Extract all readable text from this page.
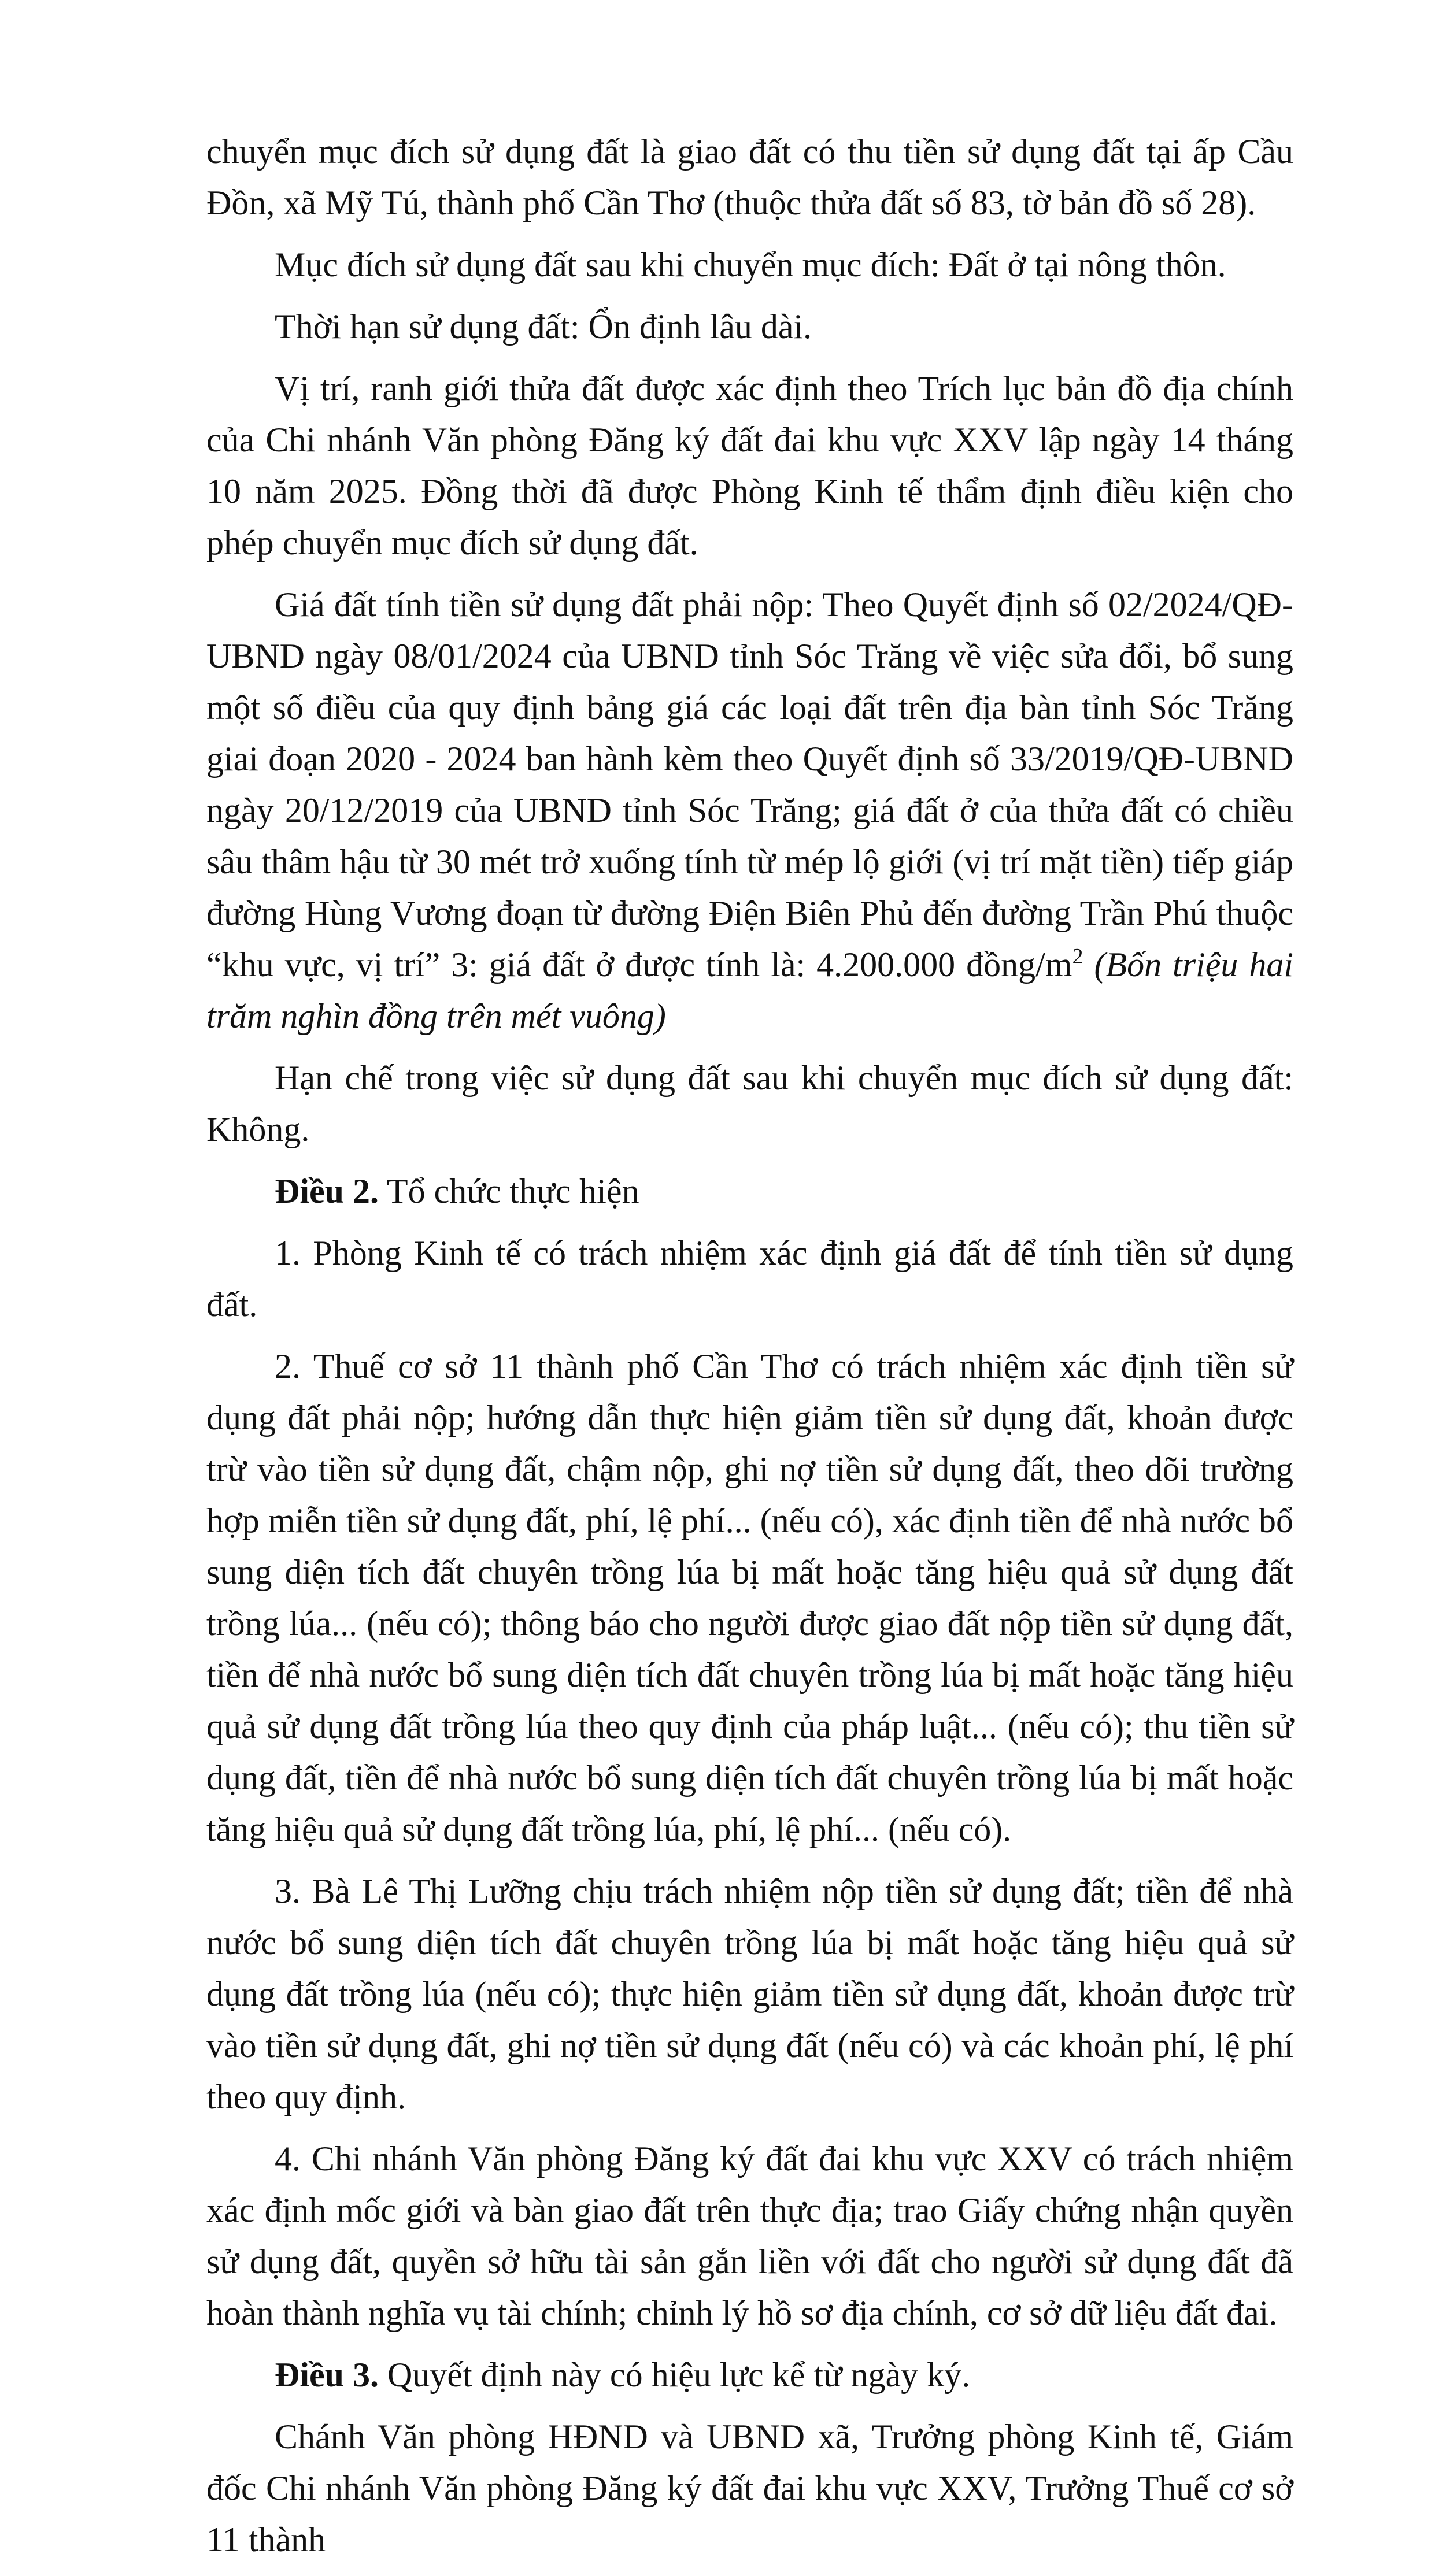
chuyển mục đích sử dụng đất là giao đất có thu tiền sử dụng đất tại ấp Cầu Đồn, xã Mỹ Tú, thành phố Cần Thơ (thuộc thửa đất số 83, tờ bản đồ số 28).

Mục đích sử dụng đất sau khi chuyển mục đích: Đất ở tại nông thôn.

Thời hạn sử dụng đất: Ổn định lâu dài.

Vị trí, ranh giới thửa đất được xác định theo Trích lục bản đồ địa chính của Chi nhánh Văn phòng Đăng ký đất đai khu vực XXV lập ngày 14 tháng 10 năm 2025. Đồng thời đã được Phòng Kinh tế thẩm định điều kiện cho phép chuyển mục đích sử dụng đất.

Giá đất tính tiền sử dụng đất phải nộp: Theo Quyết định số 02/2024/QĐ-UBND ngày 08/01/2024 của UBND tỉnh Sóc Trăng về việc sửa đổi, bổ sung một số điều của quy định bảng giá các loại đất trên địa bàn tỉnh Sóc Trăng giai đoạn 2020 - 2024 ban hành kèm theo Quyết định số 33/2019/QĐ-UBND ngày 20/12/2019 của UBND tỉnh Sóc Trăng; giá đất ở của thửa đất có chiều sâu thâm hậu từ 30 mét trở xuống tính từ mép lộ giới (vị trí mặt tiền) tiếp giáp đường Hùng Vương đoạn từ đường Điện Biên Phủ đến đường Trần Phú thuộc “khu vực, vị trí” 3: giá đất ở được tính là: 4.200.000 đồng/$m^2$ (Bốn triệu hai trăm nghìn đồng trên mét vuông)

Hạn chế trong việc sử dụng đất sau khi chuyển mục đích sử dụng đất: Không.

Điều 2. Tổ chức thực hiện

1. Phòng Kinh tế có trách nhiệm xác định giá đất để tính tiền sử dụng đất.

2. Thuế cơ sở 11 thành phố Cần Thơ có trách nhiệm xác định tiền sử dụng đất phải nộp; hướng dẫn thực hiện giảm tiền sử dụng đất, khoản được trừ vào tiền sử dụng đất, chậm nộp, ghi nợ tiền sử dụng đất, theo dõi trường hợp miễn tiền sử dụng đất, phí, lệ phí... (nếu có), xác định tiền để nhà nước bổ sung diện tích đất chuyên trồng lúa bị mất hoặc tăng hiệu quả sử dụng đất trồng lúa... (nếu có); thông báo cho người được giao đất nộp tiền sử dụng đất, tiền để nhà nước bổ sung diện tích đất chuyên trồng lúa bị mất hoặc tăng hiệu quả sử dụng đất trồng lúa theo quy định của pháp luật... (nếu có); thu tiền sử dụng đất, tiền để nhà nước bổ sung diện tích đất chuyên trồng lúa bị mất hoặc tăng hiệu quả sử dụng đất trồng lúa, phí, lệ phí... (nếu có).

3. Bà Lê Thị Lưỡng chịu trách nhiệm nộp tiền sử dụng đất; tiền để nhà nước bổ sung diện tích đất chuyên trồng lúa bị mất hoặc tăng hiệu quả sử dụng đất trồng lúa (nếu có); thực hiện giảm tiền sử dụng đất, khoản được trừ vào tiền sử dụng đất, ghi nợ tiền sử dụng đất (nếu có) và các khoản phí, lệ phí theo quy định.

4. Chi nhánh Văn phòng Đăng ký đất đai khu vực XXV có trách nhiệm xác định mốc giới và bàn giao đất trên thực địa; trao Giấy chứng nhận quyền sử dụng đất, quyền sở hữu tài sản gắn liền với đất cho người sử dụng đất đã hoàn thành nghĩa vụ tài chính; chỉnh lý hồ sơ địa chính, cơ sở dữ liệu đất đai.

Điều 3. Quyết định này có hiệu lực kể từ ngày ký.

Chánh Văn phòng HĐND và UBND xã, Trưởng phòng Kinh tế, Giám đốc Chi nhánh Văn phòng Đăng ký đất đai khu vực XXV, Trưởng Thuế cơ sở 11 thành
